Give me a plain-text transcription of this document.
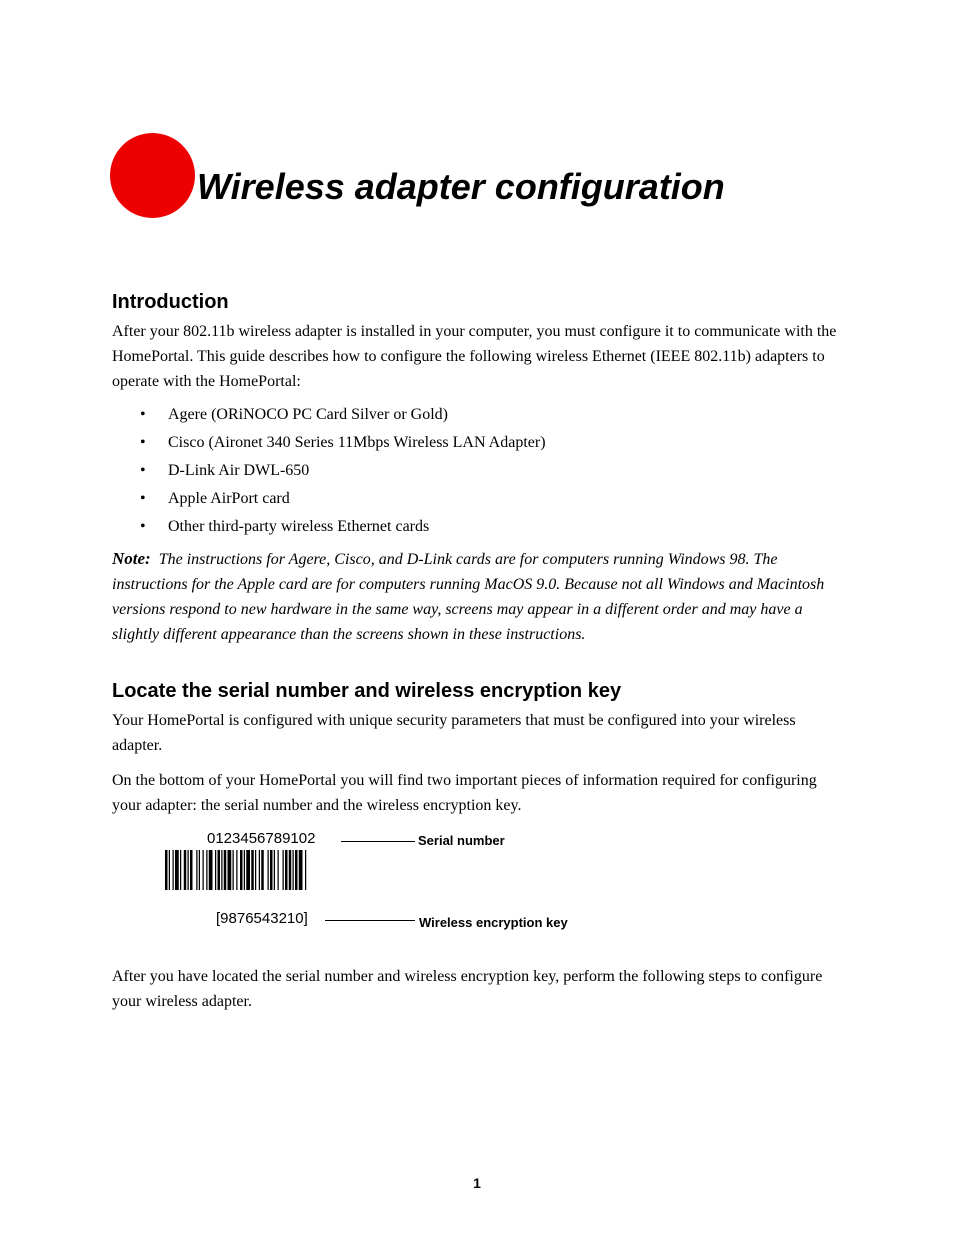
Wireless adapter configuration
Introduction

After your 802.11b wireless adapter is installed in your computer, you must configure it to communicate with the HomePortal. This guide describes how to configure the following wireless Ethernet (IEEE 802.11b) adapters to operate with the HomePortal:

• Agere (ORiNOCO PC Card Silver or Gold)
• Cisco (Aironet 340 Series 11Mbps Wireless LAN Adapter)
• D-Link Air DWL-650
• Apple AirPort card
• Other third-party wireless Ethernet cards

Note: The instructions for Agere, Cisco, and D-Link cards are for computers running Windows 98. The instructions for the Apple card are for computers running MacOS 9.0. Because not all Windows and Macintosh versions respond to new hardware in the same way, screens may appear in a different order and may have a slightly different appearance than the screens shown in these instructions.

Locate the serial number and wireless encryption key

Your HomePortal is configured with unique security parameters that must be configured into your wireless adapter.

On the bottom of your HomePortal you will find two important pieces of information required for configuring your adapter: the serial number and the wireless encryption key.

0123456789102	Serial number
[9876543210]	Wireless encryption key

After you have located the serial number and wireless encryption key, perform the following steps to configure your wireless adapter.

1
